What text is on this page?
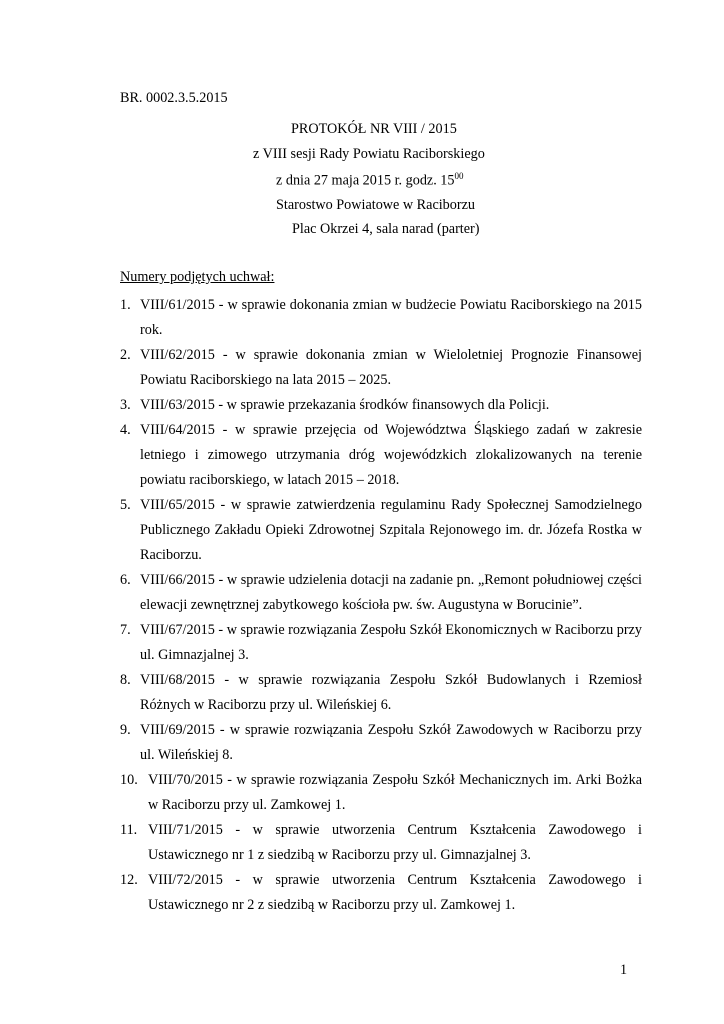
BR. 0002.3.5.2015
PROTOKÓŁ NR VIII / 2015
z VIII sesji Rady Powiatu Raciborskiego
z dnia 27 maja 2015 r. godz. $15^{00}$
Starostwo Powiatowe w Raciborzu
Plac Okrzei 4, sala narad (parter)
Numery podjętych uchwał:
1. VIII/61/2015 - w sprawie dokonania zmian w budżecie Powiatu Raciborskiego na 2015 rok.
2. VIII/62/2015 - w sprawie dokonania zmian w Wieloletniej Prognozie Finansowej Powiatu Raciborskiego na lata 2015 – 2025.
3. VIII/63/2015 - w sprawie przekazania środków finansowych dla Policji.
4. VIII/64/2015 - w sprawie przejęcia od Województwa Śląskiego zadań w zakresie letniego i zimowego utrzymania dróg wojewódzkich zlokalizowanych na terenie powiatu raciborskiego, w latach 2015 – 2018.
5. VIII/65/2015 - w sprawie zatwierdzenia regulaminu Rady Społecznej Samodzielnego Publicznego Zakładu Opieki Zdrowotnej Szpitala Rejonowego im. dr. Józefa Rostka w Raciborzu.
6. VIII/66/2015 - w sprawie udzielenia dotacji na zadanie pn. „Remont południowej części elewacji zewnętrznej zabytkowego kościoła pw. św. Augustyna w Borucinie”.
7. VIII/67/2015 - w sprawie rozwiązania Zespołu Szkół Ekonomicznych w Raciborzu przy ul. Gimnazjalnej 3.
8. VIII/68/2015 - w sprawie rozwiązania Zespołu Szkół Budowlanych i Rzemiosł Różnych w Raciborzu przy ul. Wileńskiej 6.
9. VIII/69/2015 - w sprawie rozwiązania Zespołu Szkół Zawodowych w Raciborzu przy ul. Wileńskiej 8.
10. VIII/70/2015 - w sprawie rozwiązania Zespołu Szkół Mechanicznych im. Arki Bożka w Raciborzu przy ul. Zamkowej 1.
11. VIII/71/2015 - w sprawie utworzenia Centrum Kształcenia Zawodowego i Ustawicznego nr 1 z siedzibą w Raciborzu przy ul. Gimnazjalnej 3.
12. VIII/72/2015 - w sprawie utworzenia Centrum Kształcenia Zawodowego i Ustawicznego nr 2 z siedzibą w Raciborzu przy ul. Zamkowej 1.
1
